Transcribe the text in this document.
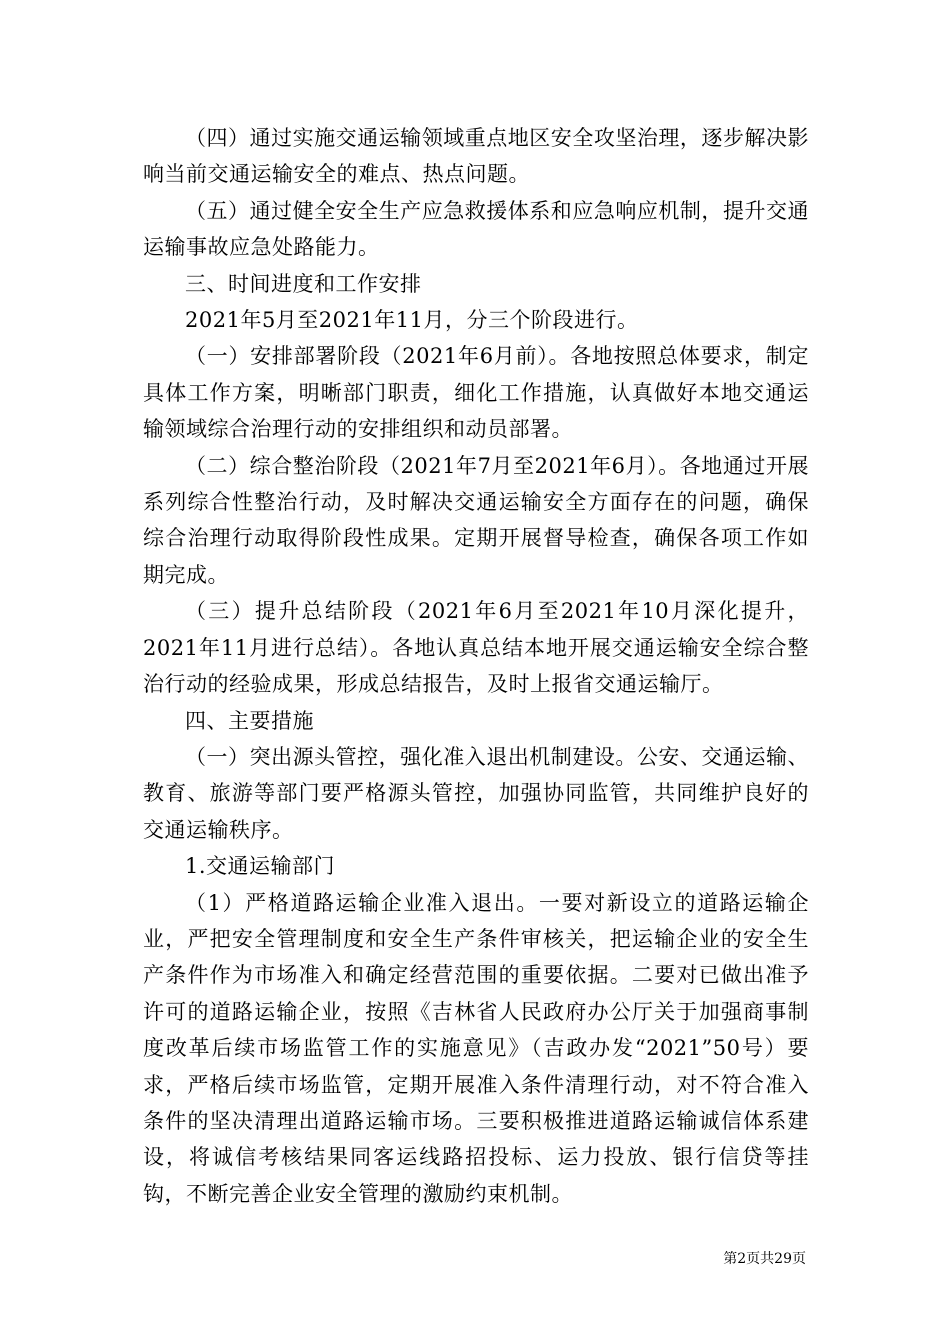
（四）通过实施交通运输领域重点地区安全攻坚治理，逐步解决影响当前交通运输安全的难点、热点问题。

（五）通过健全安全生产应急救援体系和应急响应机制，提升交通运输事故应急处路能力。

三、时间进度和工作安排

2021年5月至2021年11月，分三个阶段进行。

（一）安排部署阶段（2021年6月前）。各地按照总体要求，制定具体工作方案，明晰部门职责，细化工作措施，认真做好本地交通运输领域综合治理行动的安排组织和动员部署。

（二）综合整治阶段（2021年7月至2021年6月）。各地通过开展系列综合性整治行动，及时解决交通运输安全方面存在的问题，确保综合治理行动取得阶段性成果。定期开展督导检查，确保各项工作如期完成。

（三）提升总结阶段（2021年6月至2021年10月深化提升，2021年11月进行总结）。各地认真总结本地开展交通运输安全综合整治行动的经验成果，形成总结报告，及时上报省交通运输厅。

四、主要措施

（一）突出源头管控，强化准入退出机制建设。公安、交通运输、教育、旅游等部门要严格源头管控，加强协同监管，共同维护良好的交通运输秩序。

1.交通运输部门

（1）严格道路运输企业准入退出。一要对新设立的道路运输企业，严把安全管理制度和安全生产条件审核关，把运输企业的安全生产条件作为市场准入和确定经营范围的重要依据。二要对已做出准予许可的道路运输企业，按照《吉林省人民政府办公厅关于加强商事制度改革后续市场监管工作的实施意见》（吉政办发“2021”50号）要求，严格后续市场监管，定期开展准入条件清理行动，对不符合准入条件的坚决清理出道路运输市场。三要积极推进道路运输诚信体系建设，将诚信考核结果同客运线路招投标、运力投放、银行信贷等挂钩，不断完善企业安全管理的激励约束机制。

第2页共29页
